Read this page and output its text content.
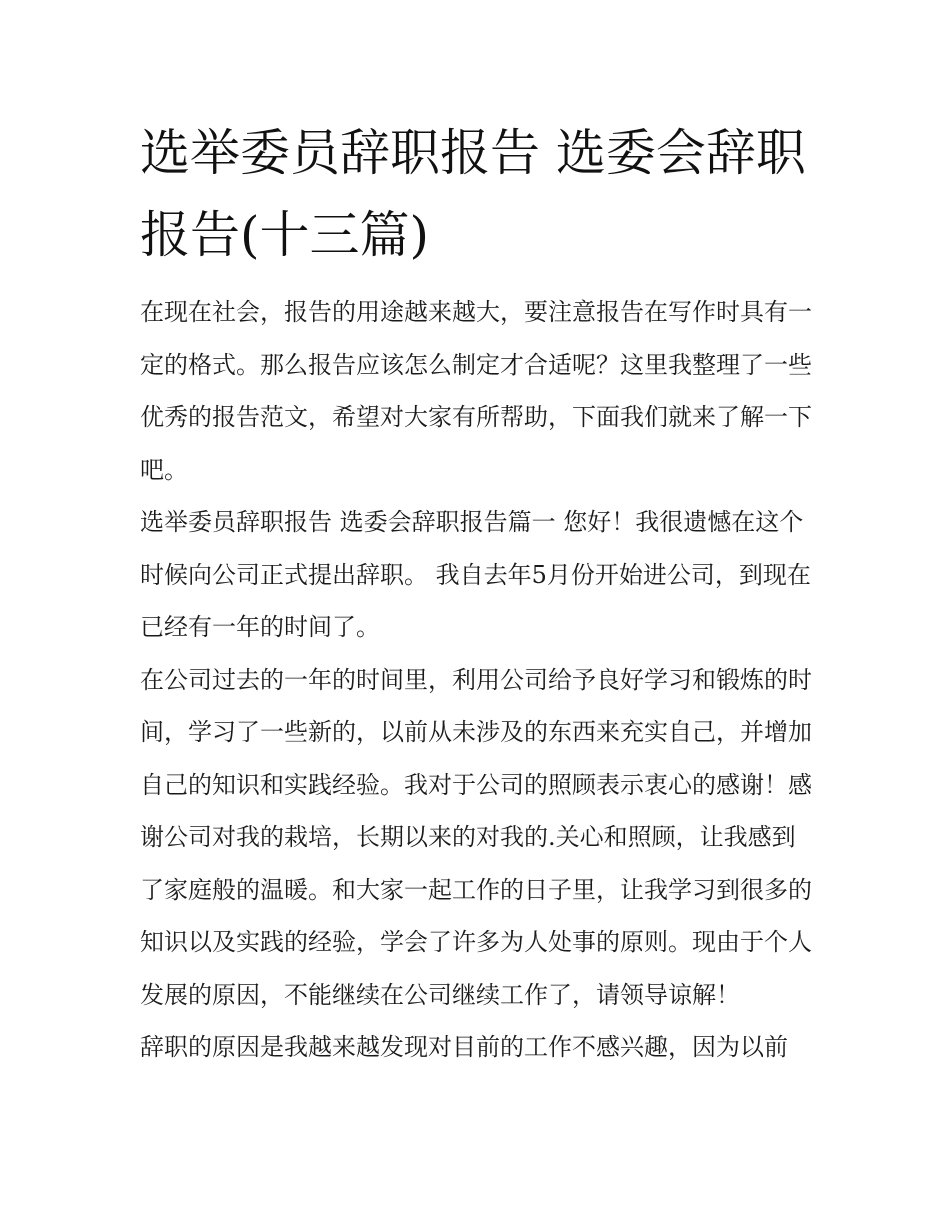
选举委员辞职报告 选委会辞职报告(十三篇)

在现在社会，报告的用途越来越大，要注意报告在写作时具有一定的格式。那么报告应该怎么制定才合适呢？这里我整理了一些优秀的报告范文，希望对大家有所帮助，下面我们就来了解一下吧。

选举委员辞职报告 选委会辞职报告篇一 您好！我很遗憾在这个时候向公司正式提出辞职。 我自去年5月份开始进公司，到现在已经有一年的时间了。

在公司过去的一年的时间里，利用公司给予良好学习和锻炼的时间，学习了一些新的，以前从未涉及的东西来充实自己，并增加自己的知识和实践经验。我对于公司的照顾表示衷心的感谢！感谢公司对我的栽培，长期以来的对我的.关心和照顾，让我感到了家庭般的温暖。和大家一起工作的日子里，让我学习到很多的知识以及实践的经验，学会了许多为人处事的原则。现由于个人发展的原因，不能继续在公司继续工作了，请领导谅解！

辞职的原因是我越来越发现对目前的工作不感兴趣，因为以前
